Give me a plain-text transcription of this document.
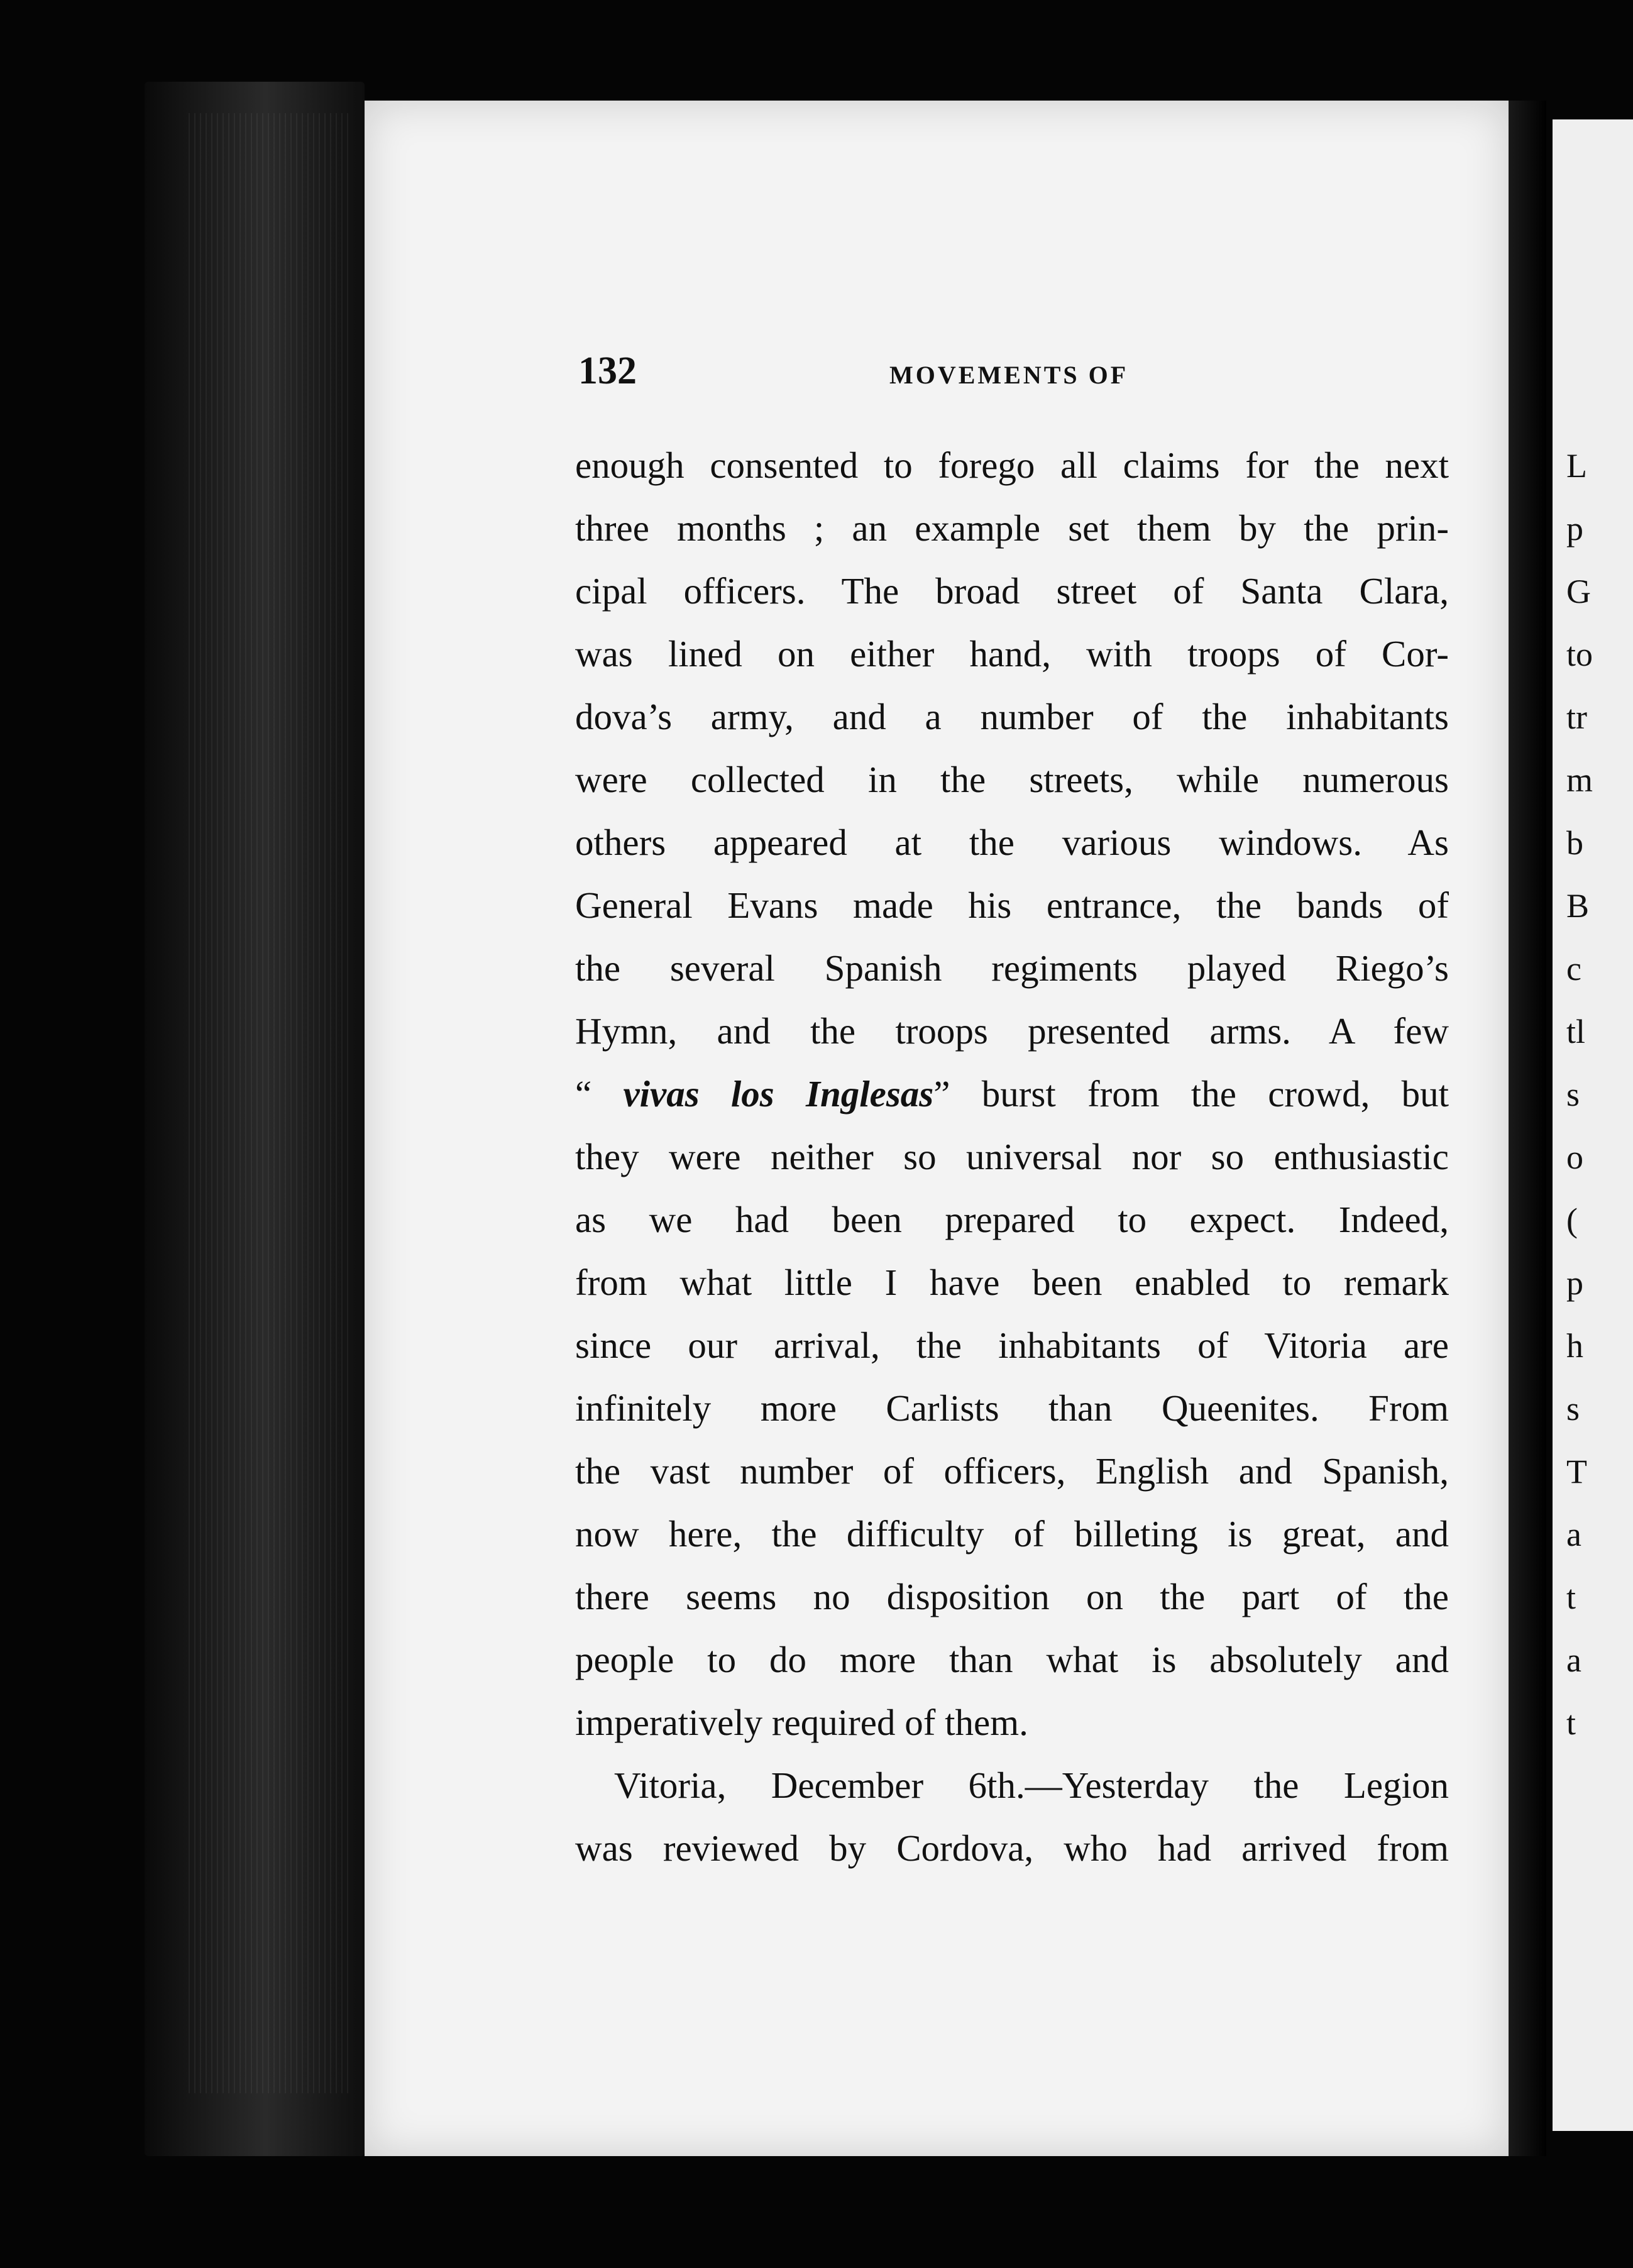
L
p
G
to
tr
m
b
B
c
tl
s
o
(
p
h
s
T
a
t
a
t
132	MOVEMENTS OF
enough consented to forego all claims for the next
three months ; an example set them by the prin-
cipal officers. The broad street of Santa Clara,
was lined on either hand, with troops of Cor-
dova’s army, and a number of the inhabitants
were collected in the streets, while numerous
others appeared at the various windows. As
General Evans made his entrance, the bands of
the several Spanish regiments played Riego’s
Hymn, and the troops presented arms. A few
“ vivas los Inglesas” burst from the crowd, but
they were neither so universal nor so enthusiastic
as we had been prepared to expect. Indeed,
from what little I have been enabled to remark
since our arrival, the inhabitants of Vitoria are
infinitely more Carlists than Queenites. From
the vast number of officers, English and Spanish,
now here, the difficulty of billeting is great, and
there seems no disposition on the part of the
people to do more than what is absolutely and
imperatively required of them.
Vitoria, December 6th.—Yesterday the Legion
was reviewed by Cordova, who had arrived from
